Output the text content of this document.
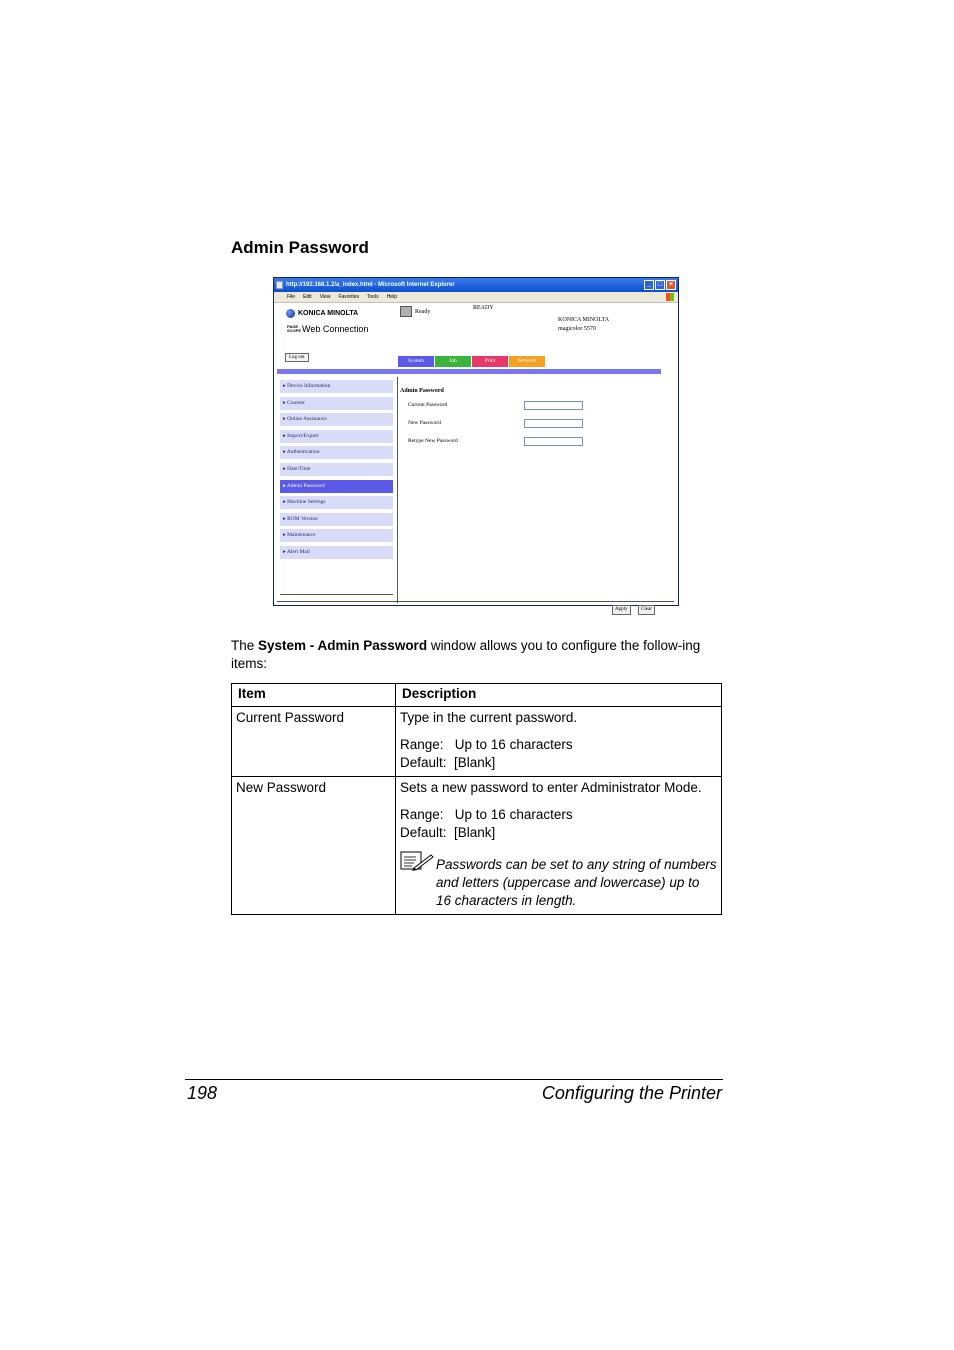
Admin Password
http://192.168.1.2/a_index.html - Microsoft Internet Explorer	_ □ ×
File Edit View Favorites Tools Help
KONICA MINOLTA
PAGE SCOPE Web Connection
Ready
READY
KONICA MINOLTA
magicolor 5570
Log out
System	Job	Print	Network
▸ Device Information
▸ Counter
▸ Online Assistance
▸ Import/Export
▸ Authentication
▸ Date/Time
▸ Admin Password
▸ Machine Settings
▸ ROM Version
▸ Maintenance
▸ Alert Mail
Admin Password
Current Password
New Password
Retype New Password
Apply	Clear
The System - Admin Password window allows you to configure the follow-ing items:
Item	Description
Current Password	Type in the current password.

Range:   Up to 16 characters

Default:  [Blank]

New Password	Sets a new password to enter Administrator Mode.

Range:   Up to 16 characters

Default:  [Blank]

Passwords can be set to any string of numbers and letters (uppercase and lowercase) up to 16 characters in length.
198	Configuring the Printer
